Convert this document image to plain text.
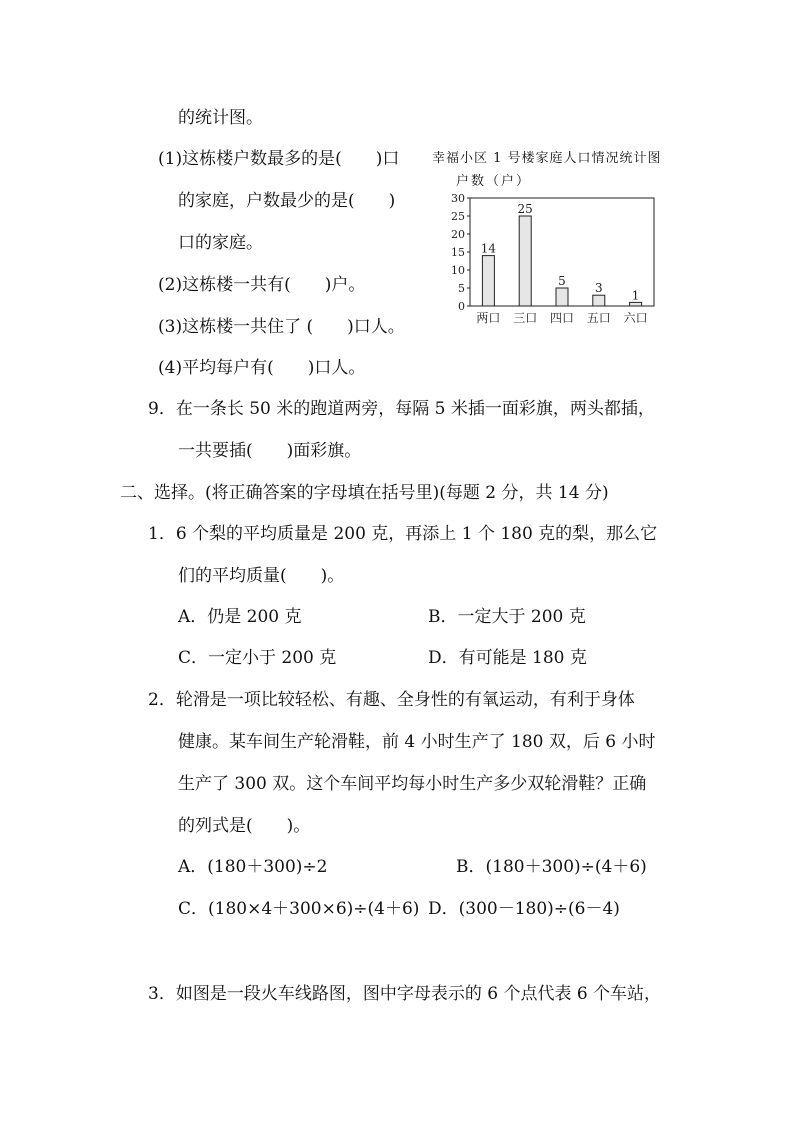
的统计图。
(1)这栋楼户数最多的是(　　)口
的家庭，户数最少的是(　　)
口的家庭。
(2)这栋楼一共有(　　)户。
(3)这栋楼一共住了 (　　)口人。
(4)平均每户有(　　)口人。
9．在一条长 50 米的跑道两旁，每隔 5 米插一面彩旗，两头都插，
一共要插(　　)面彩旗。
二、选择。(将正确答案的字母填在括号里)(每题 2 分，共 14 分)
1．6 个梨的平均质量是 200 克，再添上 1 个 180 克的梨，那么它
们的平均质量(　　)。
A．仍是 200 克	B．一定大于 200 克
C．一定小于 200 克	D．有可能是 180 克
2．轮滑是一项比较轻松、有趣、全身性的有氧运动，有利于身体
健康。某车间生产轮滑鞋，前 4 小时生产了 180 双，后 6 小时
生产了 300 双。这个车间平均每小时生产多少双轮滑鞋？正确
的列式是(　　)。
A．(180＋300)÷2	B．(180＋300)÷(4＋6)
C．(180×4＋300×6)÷(4＋6) D．(300－180)÷(6－4)
3．如图是一段火车线路图，图中字母表示的 6 个点代表 6 个车站，
幸福小区 1 号楼家庭人口情况统计图
户数（户）
0
5
10
15
20
25
30
14
两口
25
三口
5
四口
3
五口
1
六口
